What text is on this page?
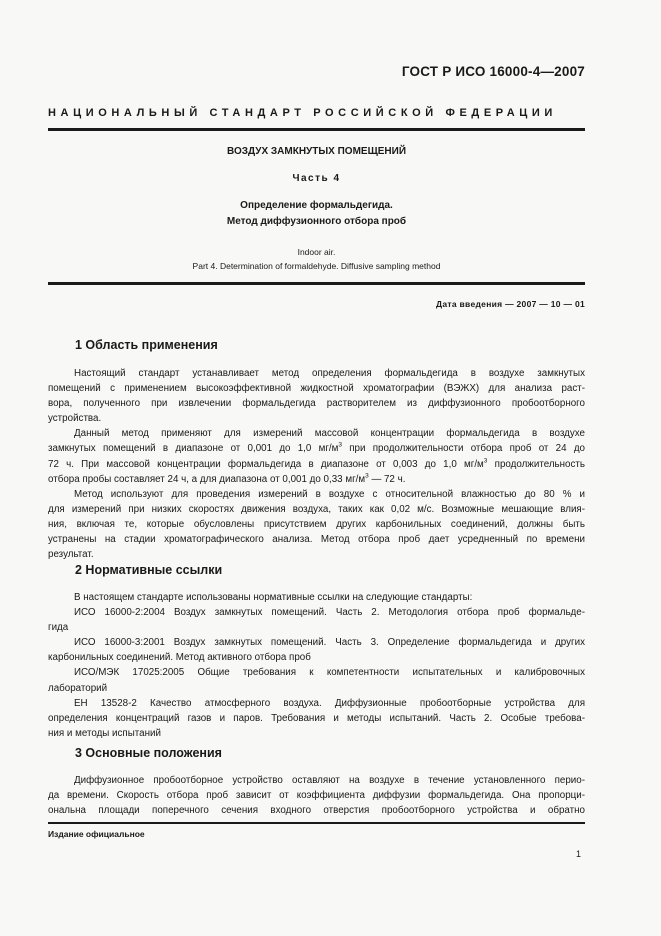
ГОСТ Р ИСО 16000-4—2007
НАЦИОНАЛЬНЫЙ СТАНДАРТ РОССИЙСКОЙ ФЕДЕРАЦИИ
ВОЗДУХ ЗАМКНУТЫХ ПОМЕЩЕНИЙ
Часть 4
Определение формальдегида.
Метод диффузионного отбора проб
Indoor air.
Part 4. Determination of formaldehyde. Diffusive sampling method
Дата введения — 2007 — 10 — 01
1 Область применения
Настоящий стандарт устанавливает метод определения формальдегида в воздухе замкнутых
помещений с применением высокоэффективной жидкостной хроматографии (ВЭЖХ) для анализа раст-
вора, полученного при извлечении формальдегида растворителем из диффузионного пробоотборного
устройства.
Данный метод применяют для измерений массовой концентрации формальдегида в воздухе
замкнутых помещений в диапазоне от 0,001 до 1,0 $мг/м^3$ при продолжительности отбора проб от 24 до
72 ч. При массовой концентрации формальдегида в диапазоне от 0,003 до 1,0 $мг/м^3$ продолжительность
отбора пробы составляет 24 ч, а для диапазона от 0,001 до 0,33 $мг/м^3$ — 72 ч.
Метод используют для проведения измерений в воздухе с относительной влажностью до 80 % и
для измерений при низких скоростях движения воздуха, таких как 0,02 м/с. Возможные мешающие влия-
ния, включая те, которые обусловлены присутствием других карбонильных соединений, должны быть
устранены на стадии хроматографического анализа. Метод отбора проб дает усредненный по времени
результат.
2 Нормативные ссылки
В настоящем стандарте использованы нормативные ссылки на следующие стандарты:
ИСО 16000-2:2004 Воздух замкнутых помещений. Часть 2. Методология отбора проб формальде-
гида
ИСО 16000-3:2001 Воздух замкнутых помещений. Часть 3. Определение формальдегида и других
карбонильных соединений. Метод активного отбора проб
ИСО/МЭК 17025:2005 Общие требования к компетентности испытательных и калибровочных
лабораторий
ЕН 13528-2 Качество атмосферного воздуха. Диффузионные пробоотборные устройства для
определения концентраций газов и паров. Требования и методы испытаний. Часть 2. Особые требова-
ния и методы испытаний
3 Основные положения
Диффузионное пробоотборное устройство оставляют на воздухе в течение установленного перио-
да времени. Скорость отбора проб зависит от коэффициента диффузии формальдегида. Она пропорци-
ональна площади поперечного сечения входного отверстия пробоотборного устройства и обратно
Издание официальное
1
